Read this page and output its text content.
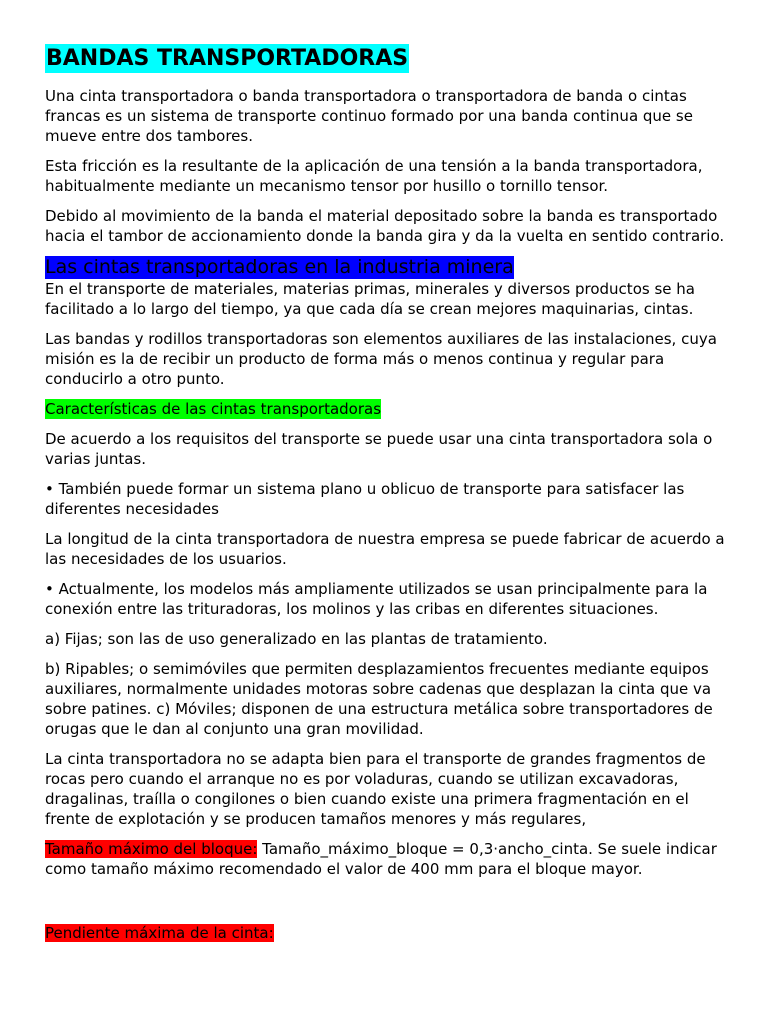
BANDAS TRANSPORTADORAS

Una cinta transportadora o banda transportadora o transportadora de banda o cintas francas es un sistema de transporte continuo formado por una banda continua que se mueve entre dos tambores.

Esta fricción es la resultante de la aplicación de una tensión a la banda transportadora, habitualmente mediante un mecanismo tensor por husillo o tornillo tensor.

Debido al movimiento de la banda el material depositado sobre la banda es transportado hacia el tambor de accionamiento donde la banda gira y da la vuelta en sentido contrario.

Las cintas transportadoras en la industria minera

En el transporte de materiales, materias primas, minerales y diversos productos se ha facilitado a lo largo del tiempo, ya que cada día se crean mejores maquinarias, cintas.

Las bandas y rodillos transportadoras son elementos auxiliares de las instalaciones, cuya misión es la de recibir un producto de forma más o menos continua y regular para conducirlo a otro punto.

Características de las cintas transportadoras

De acuerdo a los requisitos del transporte se puede usar una cinta transportadora sola o varias juntas.

• También puede formar un sistema plano u oblicuo de transporte para satisfacer las diferentes necesidades

La longitud de la cinta transportadora de nuestra empresa se puede fabricar de acuerdo a las necesidades de los usuarios.

• Actualmente, los modelos más ampliamente utilizados se usan principalmente para la conexión entre las trituradoras, los molinos y las cribas en diferentes situaciones.

a) Fijas; son las de uso generalizado en las plantas de tratamiento.

b) Ripables; o semimóviles que permiten desplazamientos frecuentes mediante equipos auxiliares, normalmente unidades motoras sobre cadenas que desplazan la cinta que va sobre patines. c) Móviles; disponen de una estructura metálica sobre transportadores de orugas que le dan al conjunto una gran movilidad.

La cinta transportadora no se adapta bien para el transporte de grandes fragmentos de rocas pero cuando el arranque no es por voladuras, cuando se utilizan excavadoras, dragalinas, traílla o congilones o bien cuando existe una primera fragmentación en el frente de explotación y se producen tamaños menores y más regulares,

Tamaño máximo del bloque: Tamaño_máximo_bloque = 0,3·ancho_cinta. Se suele indicar como tamaño máximo recomendado el valor de 400 mm para el bloque mayor.

Pendiente máxima de la cinta:
